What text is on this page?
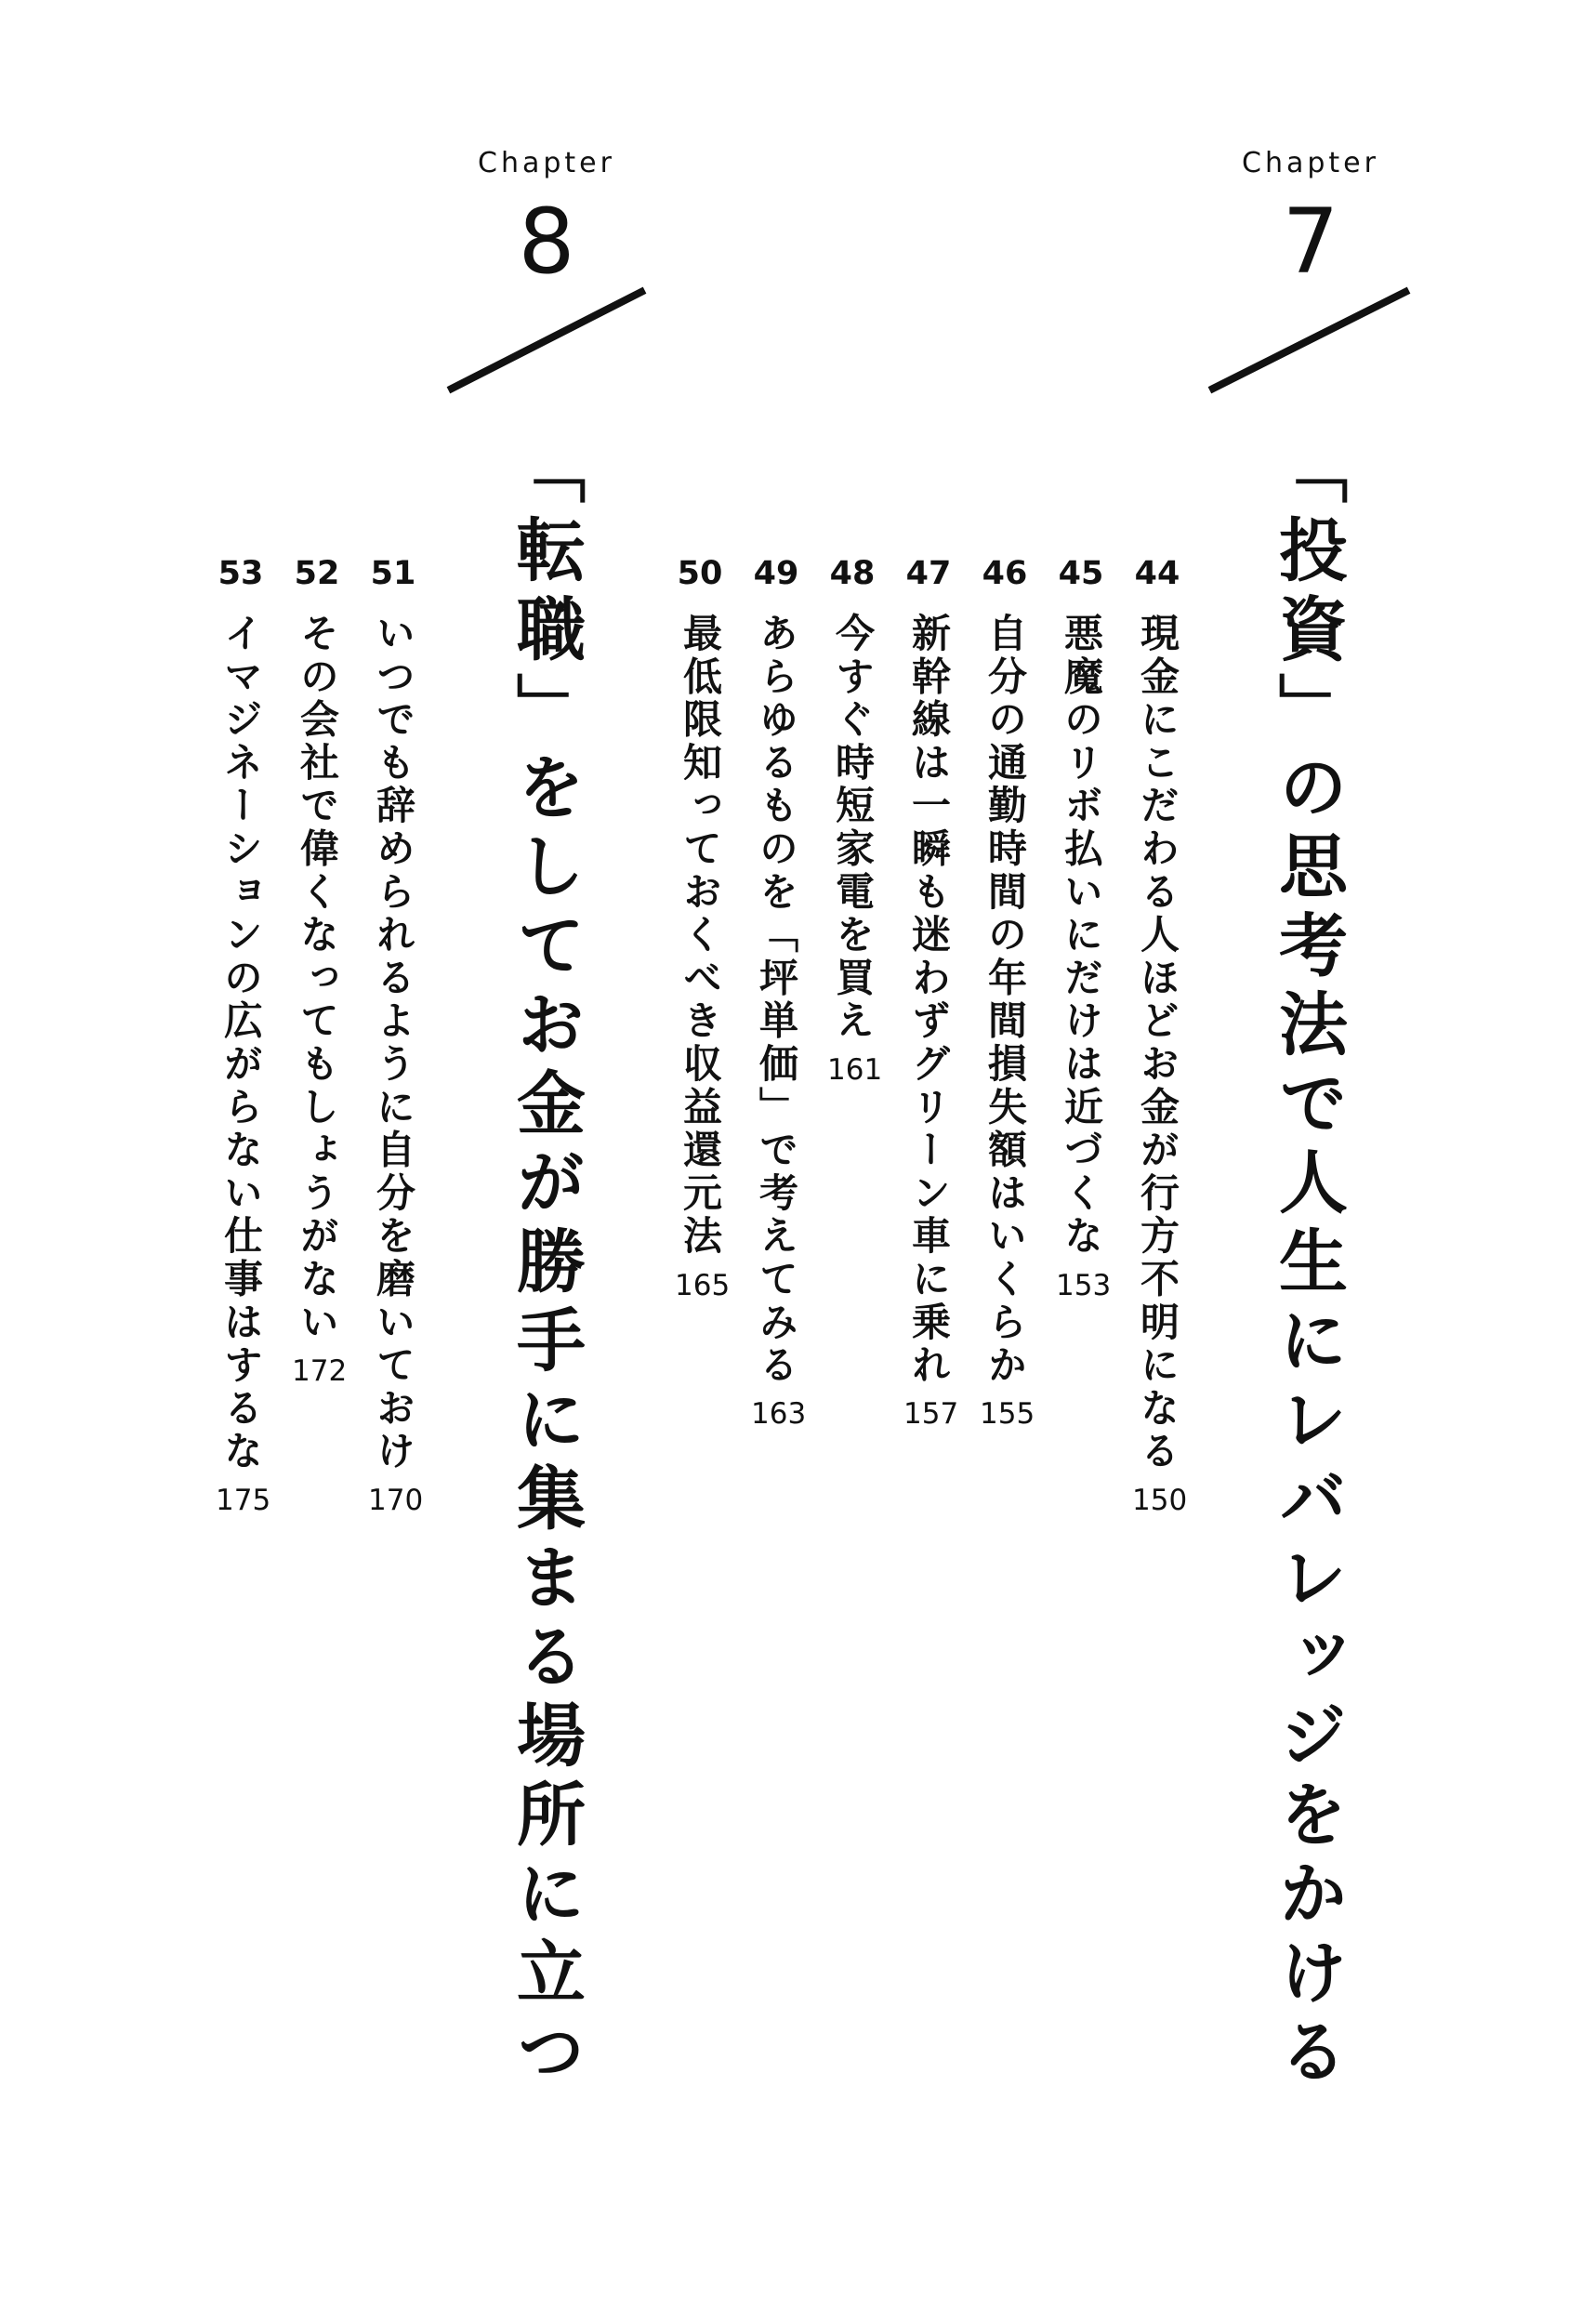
Chapter
7
Chapter
8
「投資」の思考法で人生にレバレッジをかける
「転職」をしてお金が勝手に集まる場所に立つ	44
現金にこだわる人ほどお金が行方不明になる
150
45
悪魔のリボ払いにだけは近づくな
153
46
自分の通勤時間の年間損失額はいくらか
155
47
新幹線は一瞬も迷わずグリーン車に乗れ
157
48
今すぐ時短家電を買え
161
49
あらゆるものを「坪単価」で考えてみる
163
50
最低限知っておくべき収益還元法
165
51
いつでも辞められるように自分を磨いておけ
170
52
その会社で偉くなってもしょうがない
172
53
イマジネーションの広がらない仕事はするな
175
